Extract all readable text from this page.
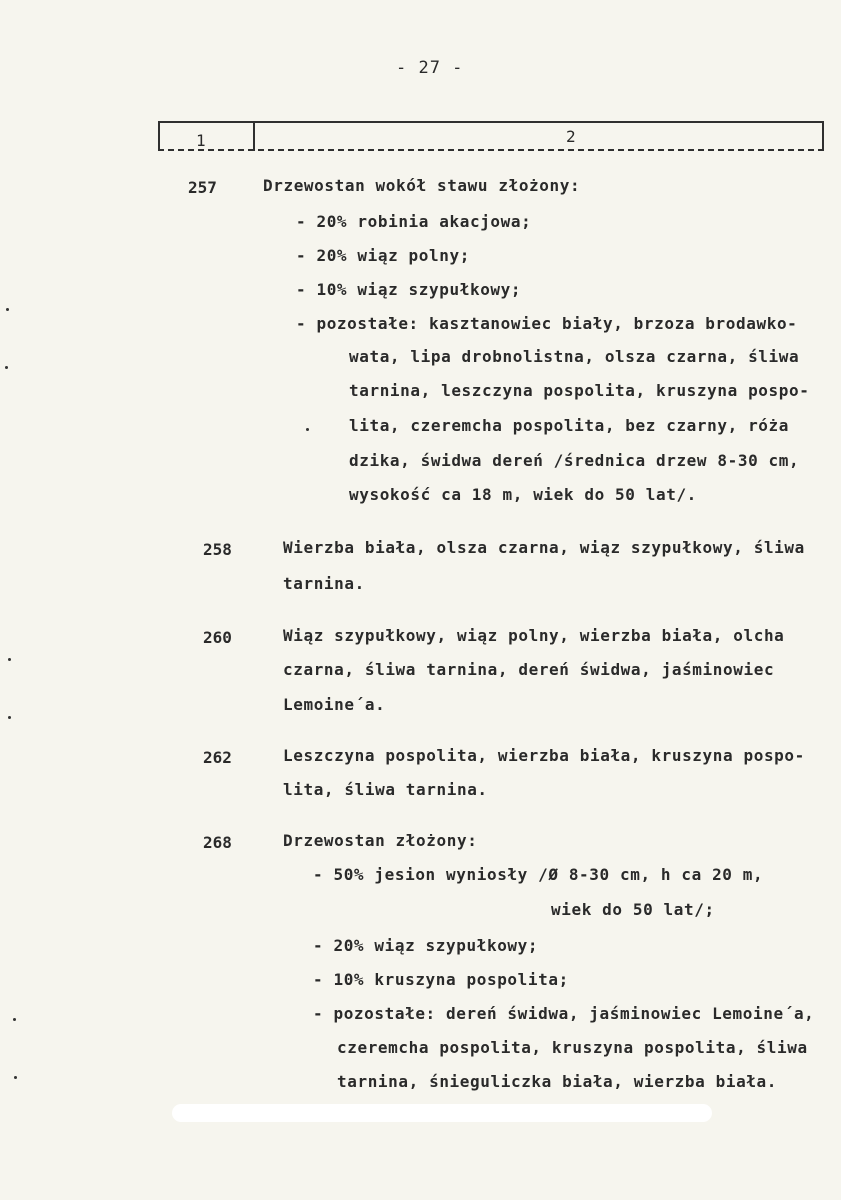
- 27 -
1	2
257	Drzewostan wokół stawu złożony:
- 20% robinia akacjowa;
- 20% wiąz polny;
- 10% wiąz szypułkowy;
- pozostałe: kasztanowiec biały, brzoza brodawko-
wata, lipa drobnolistna, olsza czarna, śliwa
tarnina, leszczyna pospolita, kruszyna pospo-
lita, czeremcha pospolita, bez czarny, róża
dzika, świdwa dereń /średnica drzew 8-30 cm,
wysokość ca 18 m, wiek do 50 lat/.
258	Wierzba biała, olsza czarna, wiąz szypułkowy, śliwa
tarnina.
260	Wiąz szypułkowy, wiąz polny, wierzba biała, olcha
czarna, śliwa tarnina, dereń świdwa, jaśminowiec
Lemoine´a.
262	Leszczyna pospolita, wierzba biała, kruszyna pospo-
lita, śliwa tarnina.
268	Drzewostan złożony:
- 50% jesion wyniosły /Ø 8-30 cm, h ca 20 m,
wiek do 50 lat/;
- 20% wiąz szypułkowy;
- 10% kruszyna pospolita;
- pozostałe: dereń świdwa, jaśminowiec Lemoine´a,
czeremcha pospolita, kruszyna pospolita, śliwa
tarnina, śnieguliczka biała, wierzba biała.
